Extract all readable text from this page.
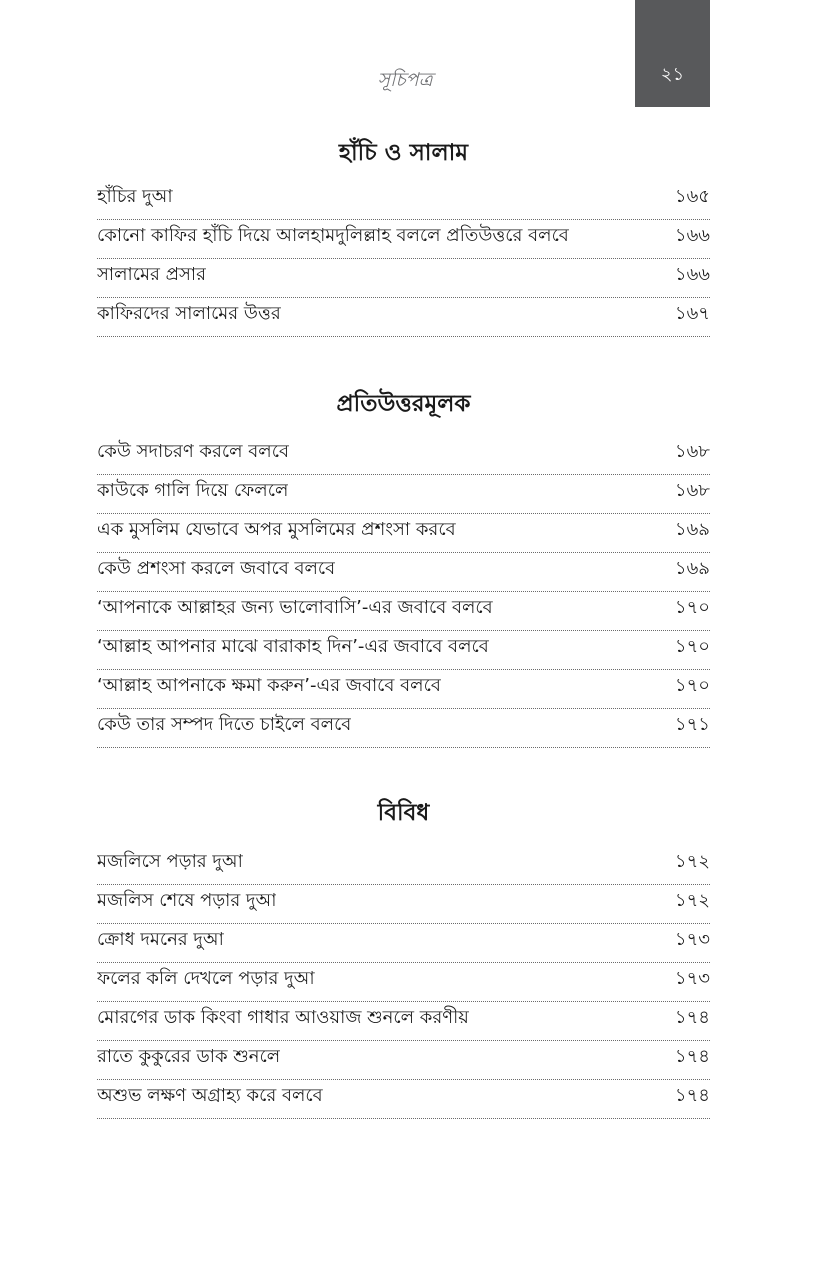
২১
সূচিপত্র
হাঁচি ও সালাম
হাঁচির দুআ	১৬৫
কোনো কাফির হাঁচি দিয়ে আলহামদুলিল্লাহ বললে প্রতিউত্তরে বলবে	১৬৬
সালামের প্রসার	১৬৬
কাফিরদের সালামের উত্তর	১৬৭
প্রতিউত্তরমূলক
কেউ সদাচরণ করলে বলবে	১৬৮
কাউকে গালি দিয়ে ফেললে	১৬৮
এক মুসলিম যেভাবে অপর মুসলিমের প্রশংসা করবে	১৬৯
কেউ প্রশংসা করলে জবাবে বলবে	১৬৯
‘আপনাকে আল্লাহর জন্য ভালোবাসি’-এর জবাবে বলবে	১৭০
‘আল্লাহ আপনার মাঝে বারাকাহ দিন’-এর জবাবে বলবে	১৭০
‘আল্লাহ আপনাকে ক্ষমা করুন’-এর জবাবে বলবে	১৭০
কেউ তার সম্পদ দিতে চাইলে বলবে	১৭১
বিবিধ
মজলিসে পড়ার দুআ	১৭২
মজলিস শেষে পড়ার দুআ	১৭২
ক্রোধ দমনের দুআ	১৭৩
ফলের কলি দেখলে পড়ার দুআ	১৭৩
মোরগের ডাক কিংবা গাধার আওয়াজ শুনলে করণীয়	১৭৪
রাতে কুকুরের ডাক শুনলে	১৭৪
অশুভ লক্ষণ অগ্রাহ্য করে বলবে	১৭৪
